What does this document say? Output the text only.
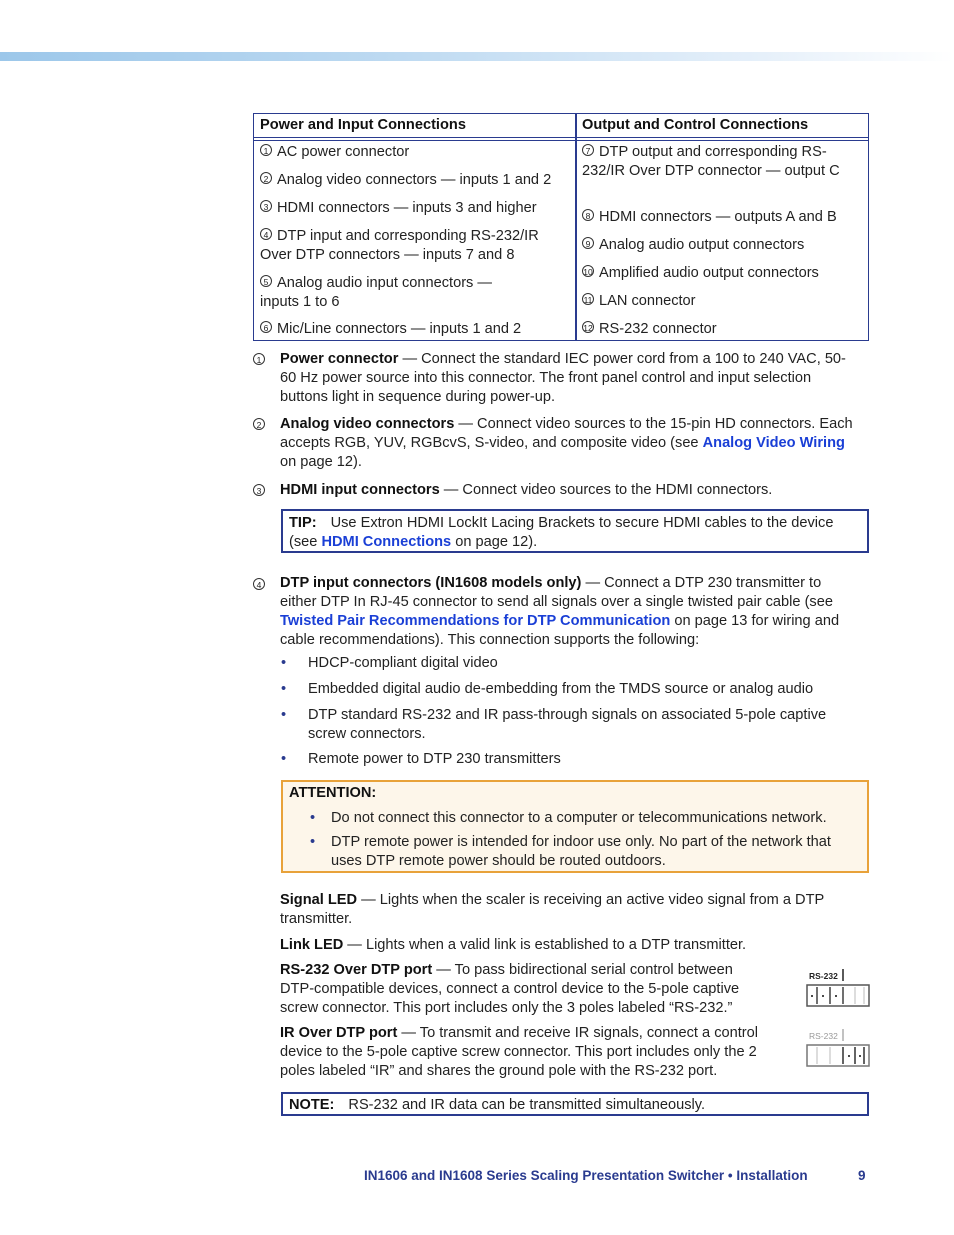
Power and Input Connections	Output and Control Connections
1 AC power connector
2 Analog video connectors — inputs 1 and 2
3 HDMI connectors — inputs 3 and higher
4 DTP input and corresponding RS-232/IR Over DTP connectors — inputs 7 and 8
5 Analog audio input connectors — inputs 1 to 6
6 Mic/Line connectors — inputs 1 and 2
7 DTP output and corresponding RS-232/IR Over DTP connector — output C
8 HDMI connectors — outputs A and B
9 Analog audio output connectors
10 Amplified audio output connectors
11 LAN connector
12 RS-232 connector
1 Power connector — Connect the standard IEC power cord from a 100 to 240 VAC, 50-60 Hz power source into this connector. The front panel control and input selection buttons light in sequence during power-up.
2 Analog video connectors — Connect video sources to the 15-pin HD connectors. Each accepts RGB, YUV, RGBcvS, S-video, and composite video (see Analog Video Wiring on page 12).
3 HDMI input connectors — Connect video sources to the HDMI connectors.
TIP: Use Extron HDMI LockIt Lacing Brackets to secure HDMI cables to the device (see HDMI Connections on page 12).
4 DTP input connectors (IN1608 models only) — Connect a DTP 230 transmitter to either DTP In RJ-45 connector to send all signals over a single twisted pair cable (see Twisted Pair Recommendations for DTP Communication on page 13 for wiring and cable recommendations). This connection supports the following:
• HDCP-compliant digital video
• Embedded digital audio de-embedding from the TMDS source or analog audio
• DTP standard RS-232 and IR pass-through signals on associated 5-pole captive screw connectors.
• Remote power to DTP 230 transmitters
ATTENTION:
• Do not connect this connector to a computer or telecommunications network.
• DTP remote power is intended for indoor use only. No part of the network that uses DTP remote power should be routed outdoors.
Signal LED — Lights when the scaler is receiving an active video signal from a DTP transmitter.
Link LED — Lights when a valid link is established to a DTP transmitter.
RS-232 Over DTP port — To pass bidirectional serial control between DTP-compatible devices, connect a control device to the 5-pole captive screw connector. This port includes only the 3 poles labeled “RS-232.”
RS-232
IR Over DTP port — To transmit and receive IR signals, connect a control device to the 5-pole captive screw connector. This port includes only the 2 poles labeled “IR” and shares the ground pole with the RS-232 port.
RS-232
NOTE: RS-232 and IR data can be transmitted simultaneously.
IN1606 and IN1608 Series Scaling Presentation Switcher • Installation	9
